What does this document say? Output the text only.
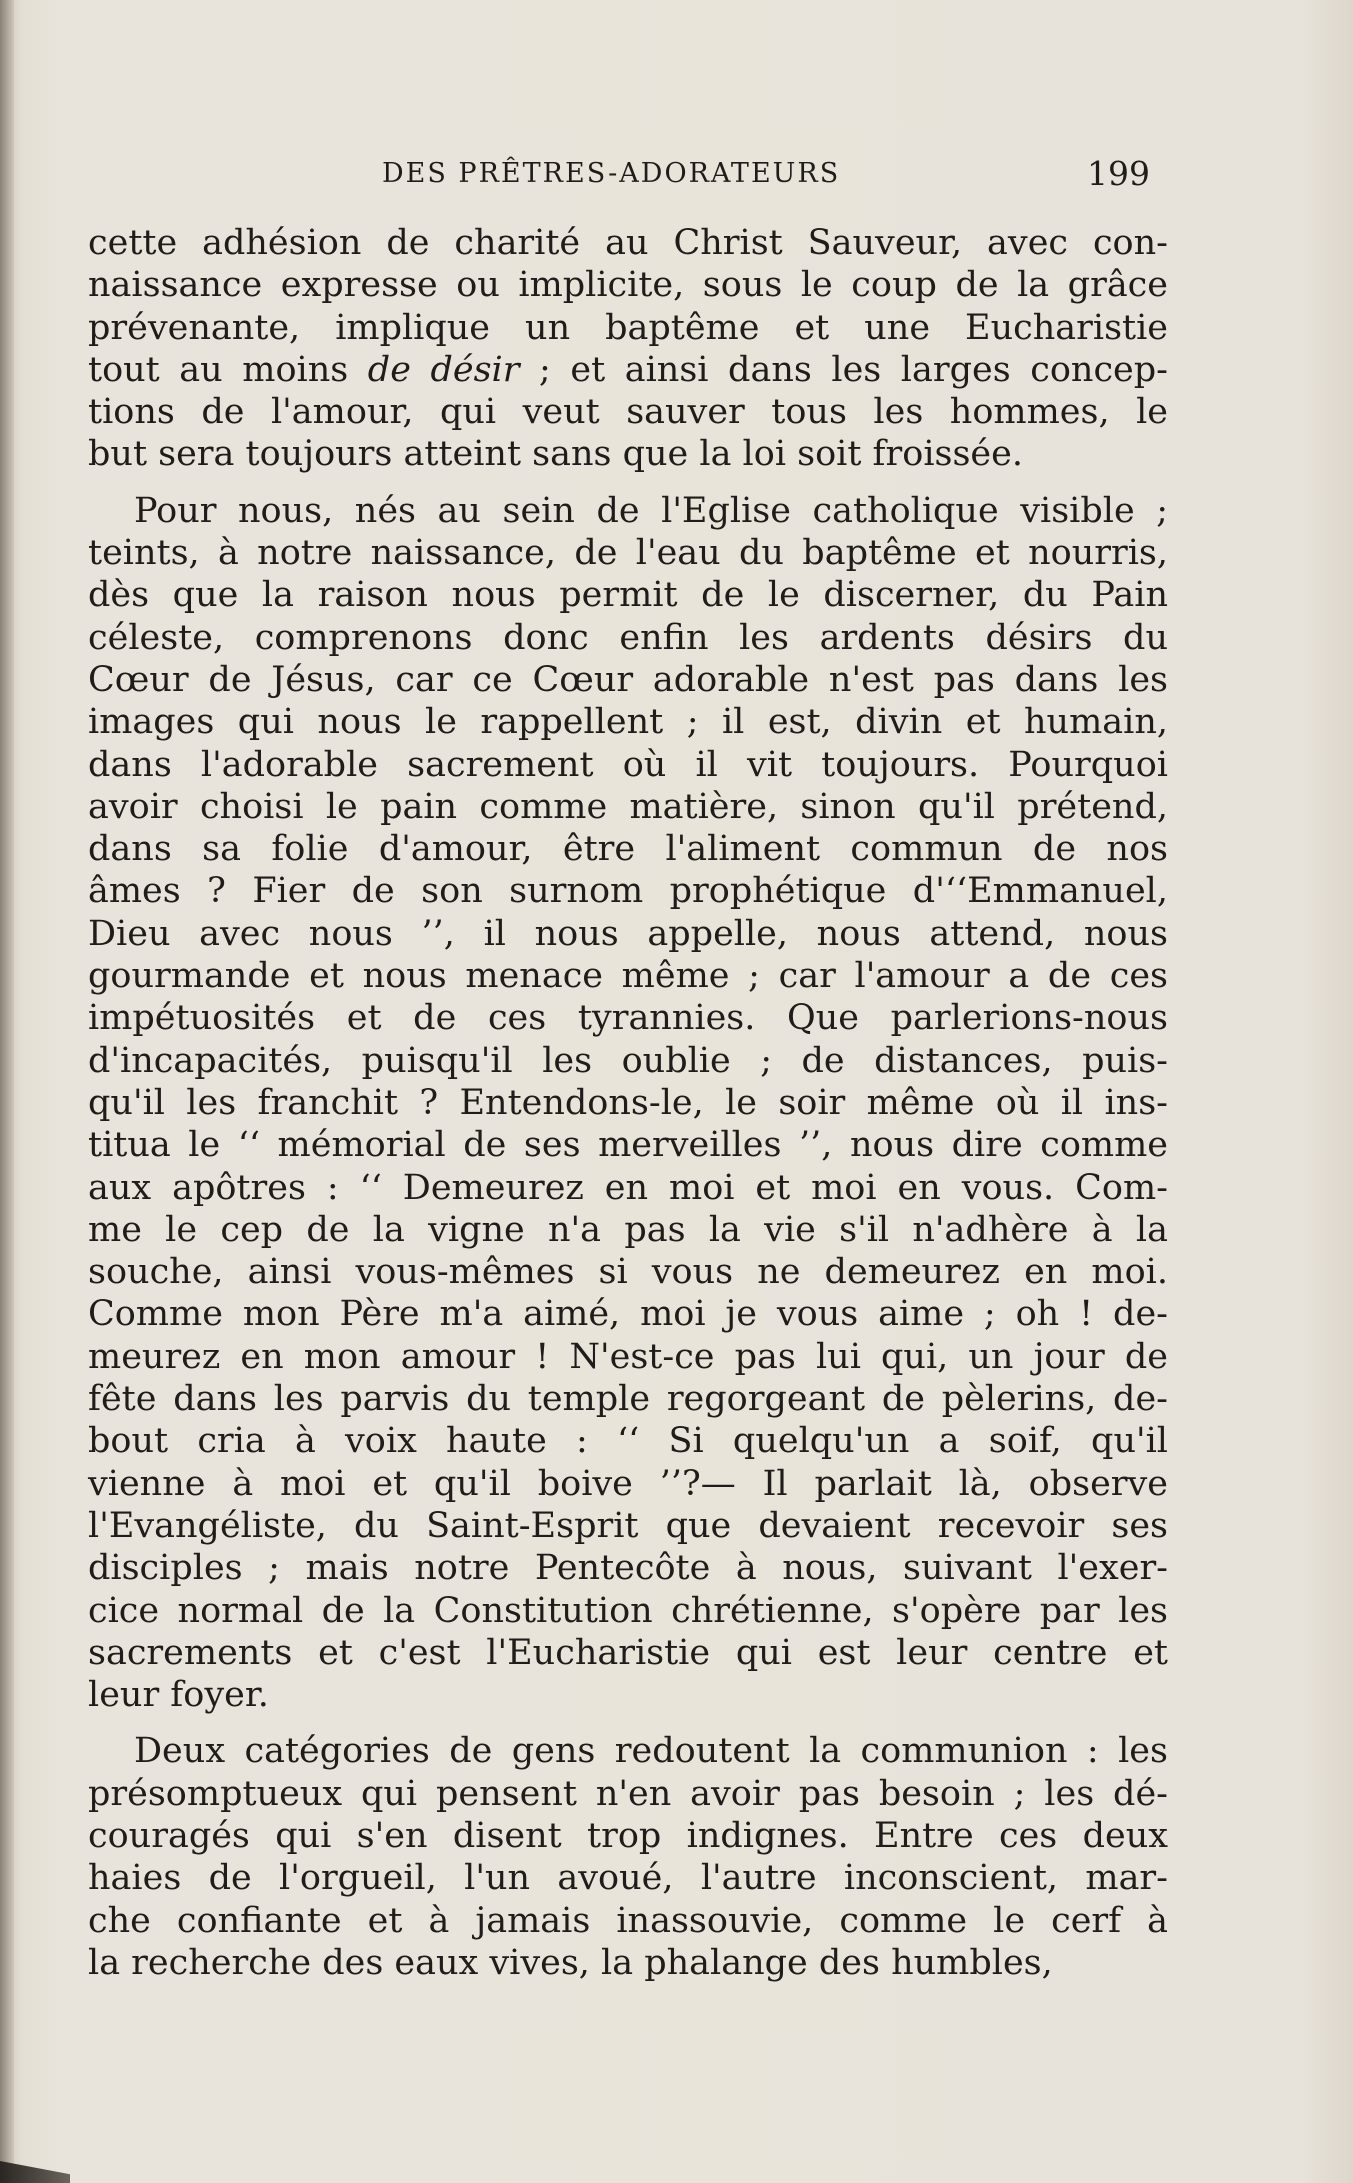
DES PRÊTRES-ADORATEURS	199

cette adhésion de charité au Christ Sauveur, avec con-
naissance expresse ou implicite, sous le coup de la grâce
prévenante, implique un baptême et une Eucharistie
tout au moins de désir ; et ainsi dans les larges concep-
tions de l'amour, qui veut sauver tous les hommes, le
but sera toujours atteint sans que la loi soit froissée.

Pour nous, nés au sein de l'Eglise catholique visible ;
teints, à notre naissance, de l'eau du baptême et nourris,
dès que la raison nous permit de le discerner, du Pain
céleste, comprenons donc enfin les ardents désirs du
Cœur de Jésus, car ce Cœur adorable n'est pas dans les
images qui nous le rappellent ; il est, divin et humain,
dans l'adorable sacrement où il vit toujours. Pourquoi
avoir choisi le pain comme matière, sinon qu'il prétend,
dans sa folie d'amour, être l'aliment commun de nos
âmes ? Fier de son surnom prophétique d'‘‘Emmanuel,
Dieu avec nous ’’, il nous appelle, nous attend, nous
gourmande et nous menace même ; car l'amour a de ces
impétuosités et de ces tyrannies. Que parlerions-nous
d'incapacités, puisqu'il les oublie ; de distances, puis-
qu'il les franchit ? Entendons-le, le soir même où il ins-
titua le ‘‘ mémorial de ses merveilles ’’, nous dire comme
aux apôtres : ‘‘ Demeurez en moi et moi en vous. Com-
me le cep de la vigne n'a pas la vie s'il n'adhère à la
souche, ainsi vous-mêmes si vous ne demeurez en moi.
Comme mon Père m'a aimé, moi je vous aime ; oh ! de-
meurez en mon amour ! N'est-ce pas lui qui, un jour de
fête dans les parvis du temple regorgeant de pèlerins, de-
bout cria à voix haute : ‘‘ Si quelqu'un a soif, qu'il
vienne à moi et qu'il boive ’’?— Il parlait là, observe
l'Evangéliste, du Saint-Esprit que devaient recevoir ses
disciples ; mais notre Pentecôte à nous, suivant l'exer-
cice normal de la Constitution chrétienne, s'opère par les
sacrements et c'est l'Eucharistie qui est leur centre et
leur foyer.

Deux catégories de gens redoutent la communion : les
présomptueux qui pensent n'en avoir pas besoin ; les dé-
couragés qui s'en disent trop indignes. Entre ces deux
haies de l'orgueil, l'un avoué, l'autre inconscient, mar-
che confiante et à jamais inassouvie, comme le cerf à
la recherche des eaux vives, la phalange des humbles,
